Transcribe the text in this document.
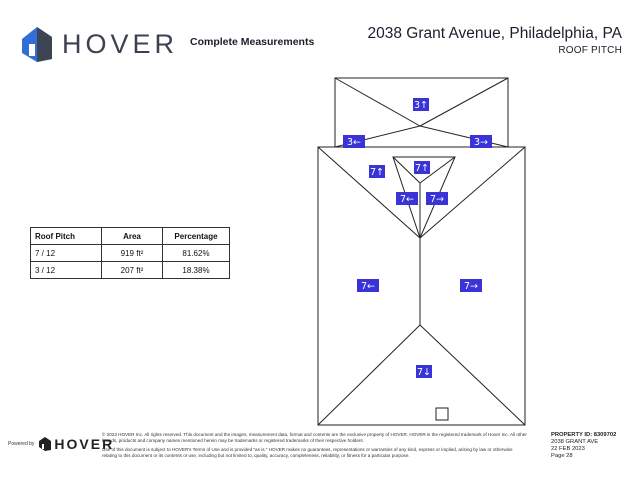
HOVER Complete Measurements	2038 Grant Avenue, Philadelphia, PA
ROOF PITCH
Roof Pitch	Area	Percentage
7 / 12	919 ft²	81.62%
3 / 12	207 ft²	18.38%
3↑
3←	3→
7↑	7↑
7← 7→
7←	7→
7↓
Powered by HOVER

© 2023 HOVER Inc. All rights reserved. This document and the images, measurement data, format and contents are the exclusive property of HOVER. HOVER is the registered trademark of Hover Inc. All other brands, products and company names mentioned herein may be trademarks or registered trademarks of their respective holders.

Use of this document is subject to HOVER's Terms of Use and is provided "as is." HOVER makes no guarantees, representations or warranties of any kind, express or implied, arising by law or otherwise relating to this document or its contents or use, including but not limited to, quality, accuracy, completeness, reliability, or fitness for a particular purpose.

PROPERTY ID: 8309702
2038 GRANT AVE
22 FEB 2023
Page 28
